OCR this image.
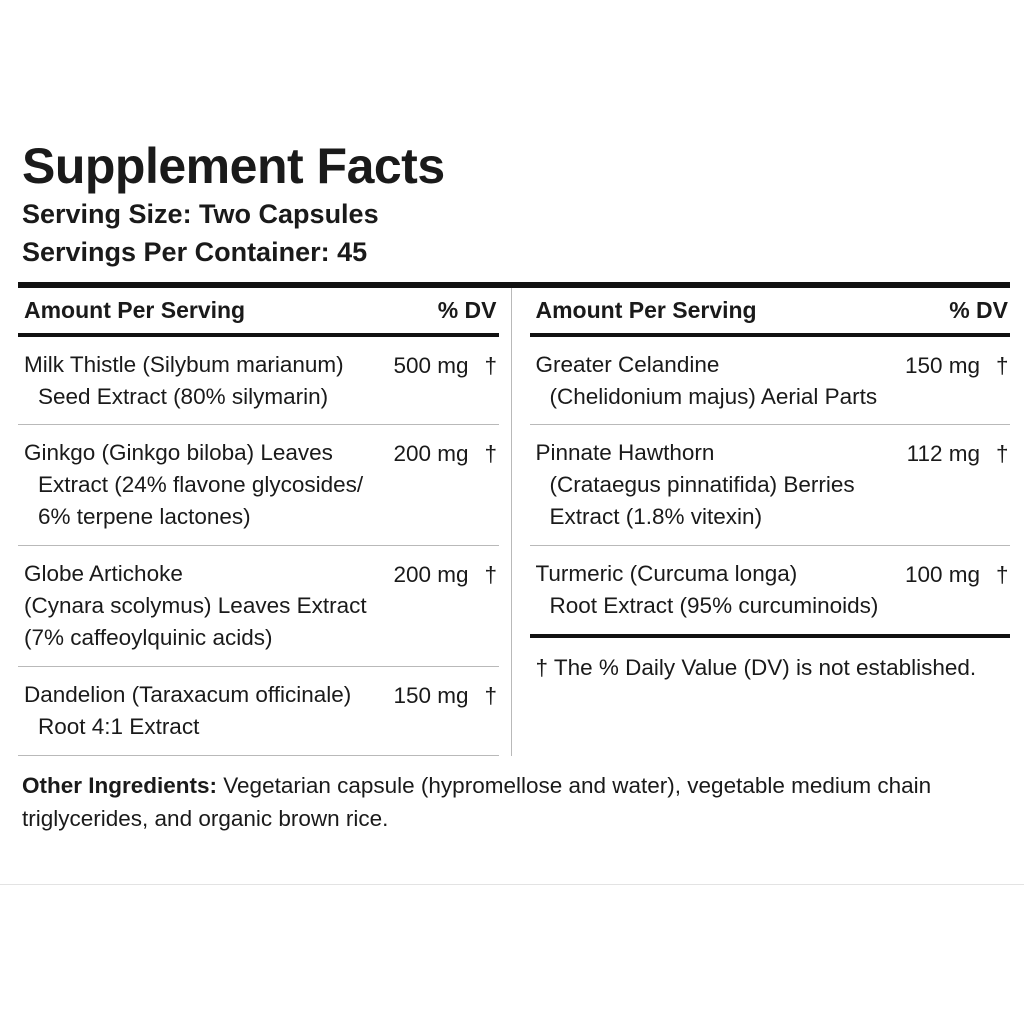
Supplement Facts
Serving Size: Two Capsules
Servings Per Container: 45
Amount Per Serving	% DV
Milk Thistle (Silybum marianum)
Seed Extract (80% silymarin)
500 mg †
Ginkgo (Ginkgo biloba) Leaves
Extract (24% flavone glycosides/
6% terpene lactones)
200 mg †
Globe Artichoke
(Cynara scolymus) Leaves Extract
(7% caffeoylquinic acids)
200 mg †
Dandelion (Taraxacum officinale)
Root 4:1 Extract
150 mg †
Amount Per Serving	% DV
Greater Celandine
(Chelidonium majus) Aerial Parts
150 mg †
Pinnate Hawthorn
(Crataegus pinnatifida) Berries
Extract (1.8% vitexin)
112 mg †
Turmeric (Curcuma longa)
Root Extract (95% curcuminoids)
100 mg †
† The % Daily Value (DV) is not established.
Other Ingredients: Vegetarian capsule (hypromellose and water), vegetable medium chain triglycerides, and organic brown rice.
